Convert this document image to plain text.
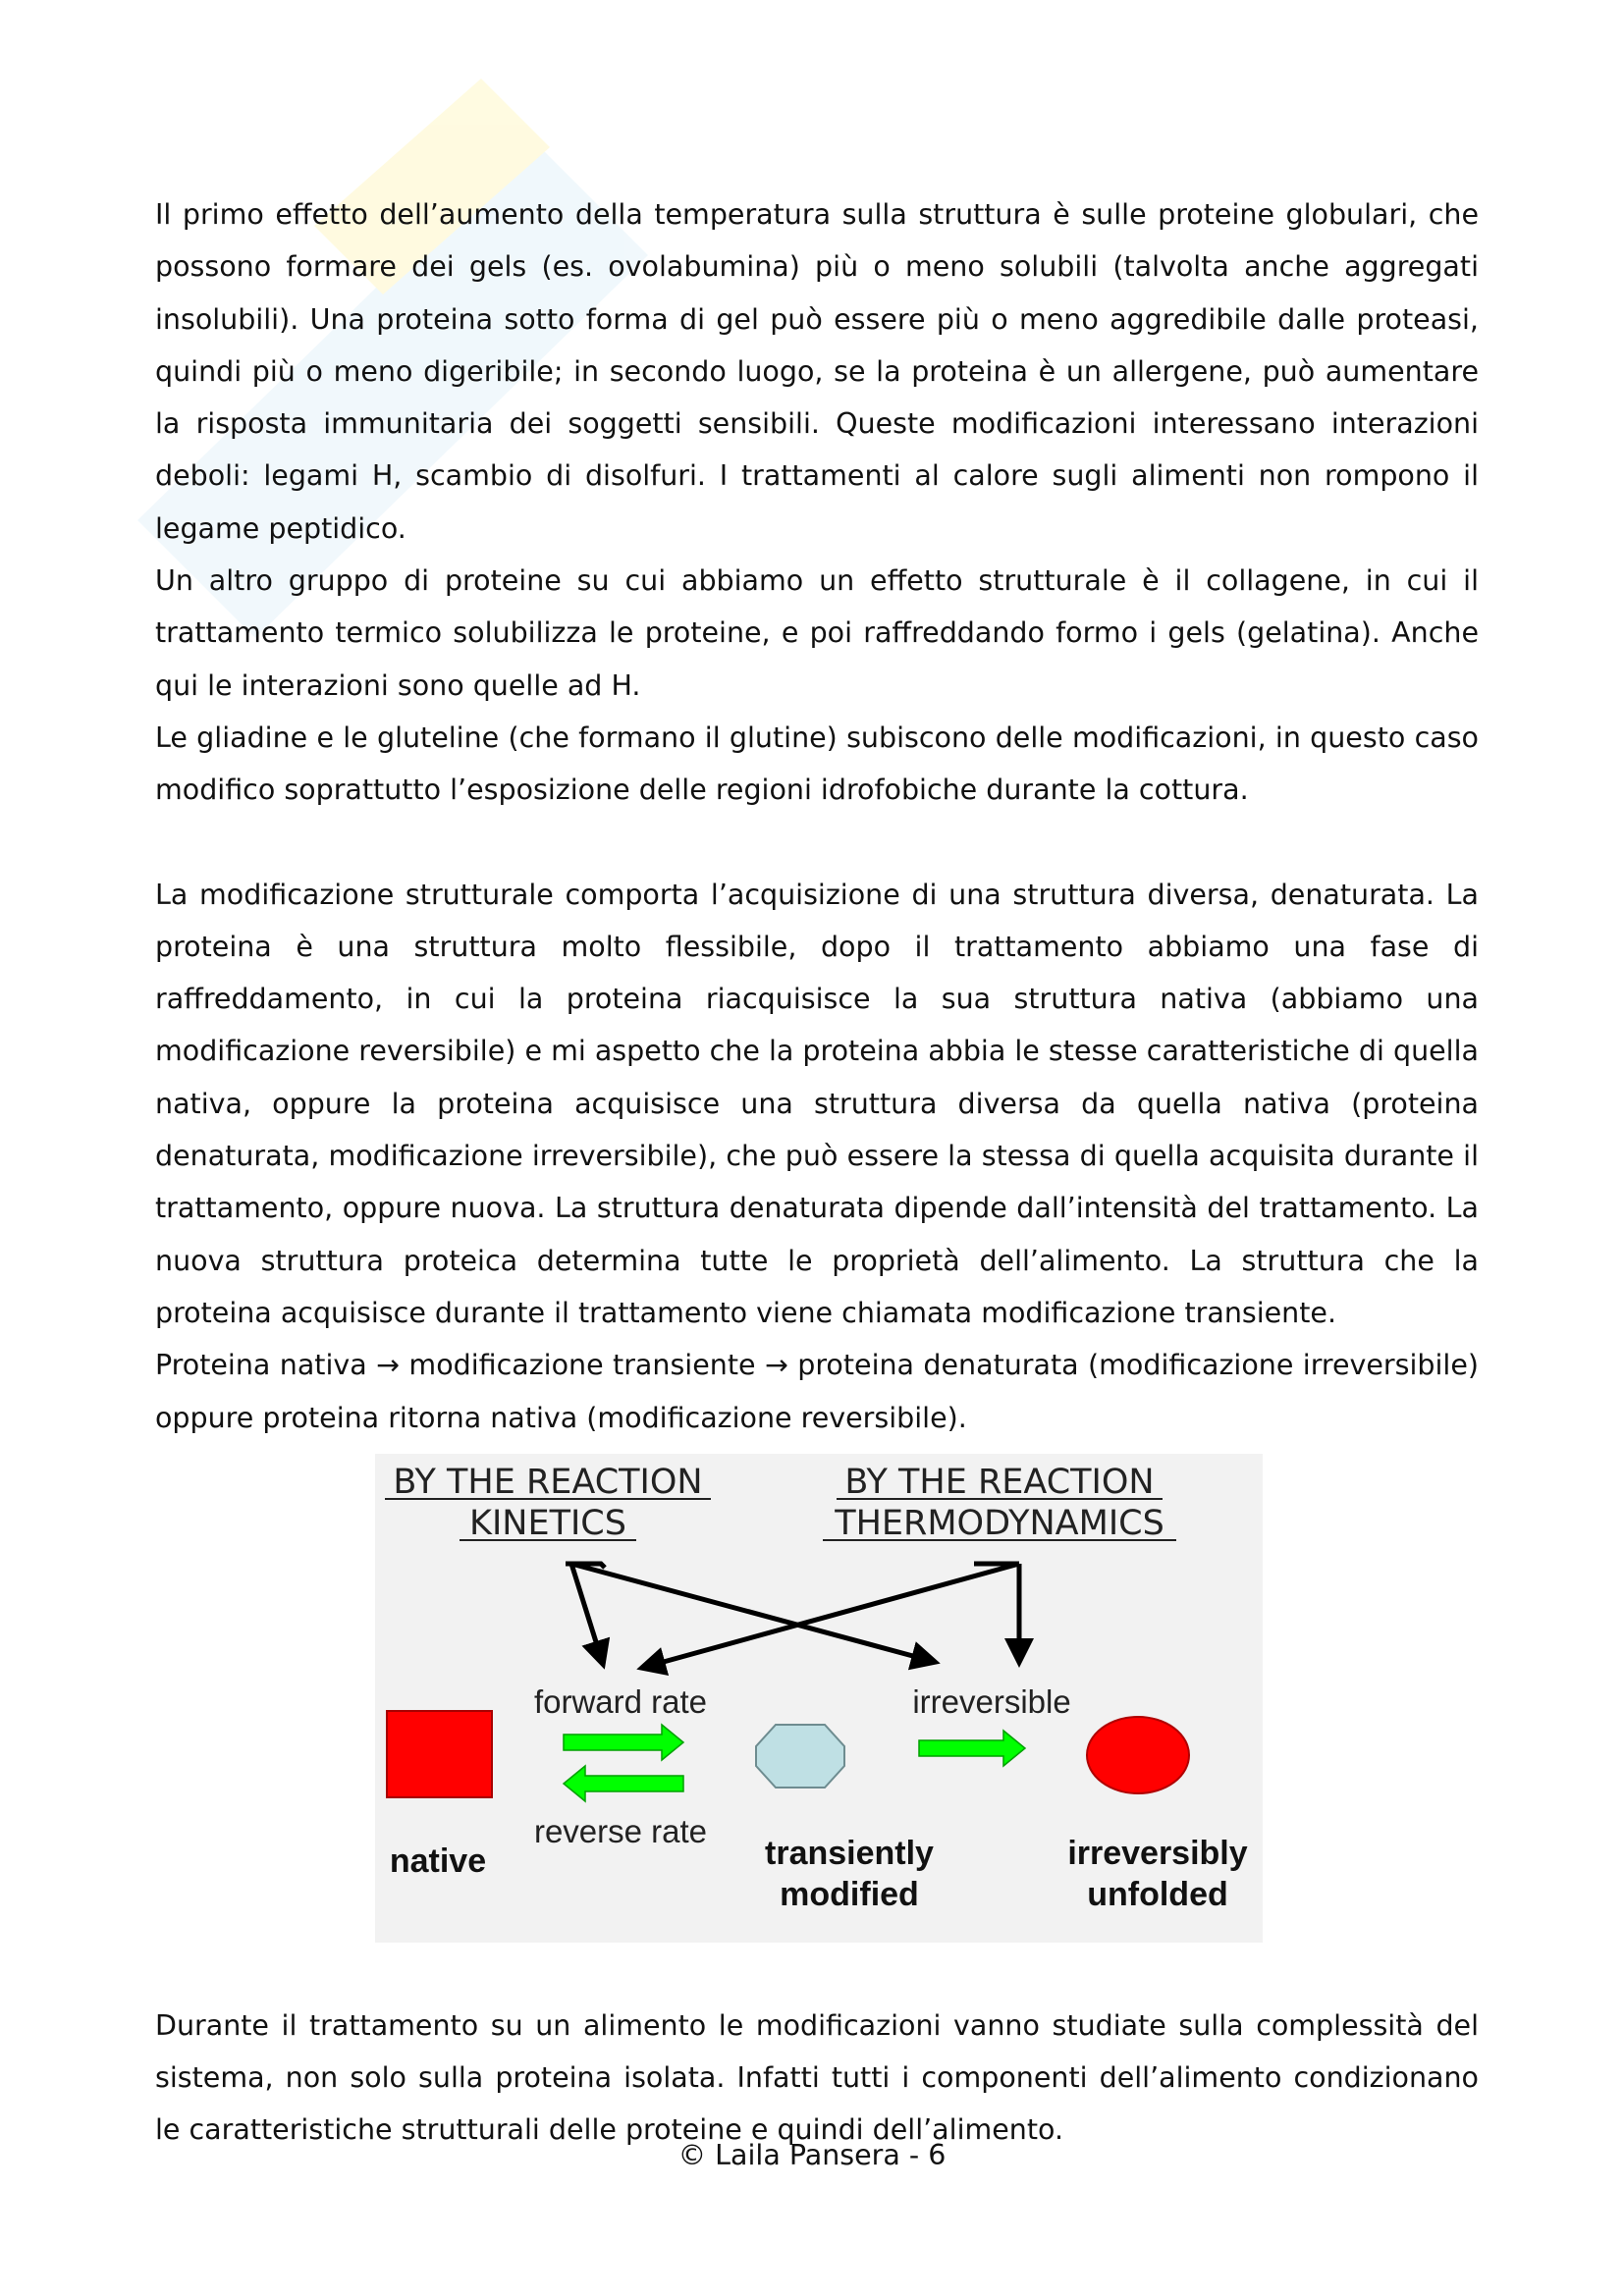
Il primo effetto dell’aumento della temperatura sulla struttura è sulle proteine globulari, che possono formare dei gels (es. ovolabumina) più o meno solubili (talvolta anche aggregati insolubili). Una proteina sotto forma di gel può essere più o meno aggredibile dalle proteasi, quindi più o meno digeribile; in secondo luogo, se la proteina è un allergene, può aumentare la risposta immunitaria dei soggetti sensibili. Queste modificazioni interessano interazioni deboli: legami H, scambio di disolfuri. I trattamenti al calore sugli alimenti non rompono il legame peptidico.

Un altro gruppo di proteine su cui abbiamo un effetto strutturale è il collagene, in cui il trattamento termico solubilizza le proteine, e poi raffreddando formo i gels (gelatina). Anche qui le interazioni sono quelle ad H.

Le gliadine e le gluteline (che formano il glutine) subiscono delle modificazioni, in questo caso modifico soprattutto l’esposizione delle regioni idrofobiche durante la cottura.

La modificazione strutturale comporta l’acquisizione di una struttura diversa, denaturata. La proteina è una struttura molto flessibile, dopo il trattamento abbiamo una fase di raffreddamento, in cui la proteina riacquisisce la sua struttura nativa (abbiamo una modificazione reversibile) e mi aspetto che la proteina abbia le stesse caratteristiche di quella nativa, oppure la proteina acquisisce una struttura diversa da quella nativa (proteina denaturata, modificazione irreversibile), che può essere la stessa di quella acquisita durante il trattamento, oppure nuova. La struttura denaturata dipende dall’intensità del trattamento. La nuova struttura proteica determina tutte le proprietà dell’alimento. La struttura che la proteina acquisisce durante il trattamento viene chiamata modificazione transiente.

Proteina nativa → modificazione transiente → proteina denaturata (modificazione irreversibile) oppure proteina ritorna nativa (modificazione reversibile).

BY THE REACTION
KINETICS
BY THE REACTION
THERMODYNAMICS
forward rate
reverse rate
irreversible
native	transiently
modified
irreversibly
unfolded

Durante il trattamento su un alimento le modificazioni vanno studiate sulla complessità del sistema, non solo sulla proteina isolata. Infatti tutti i componenti dell’alimento condizionano le caratteristiche strutturali delle proteine e quindi dell’alimento.

© Laila Pansera - 6
